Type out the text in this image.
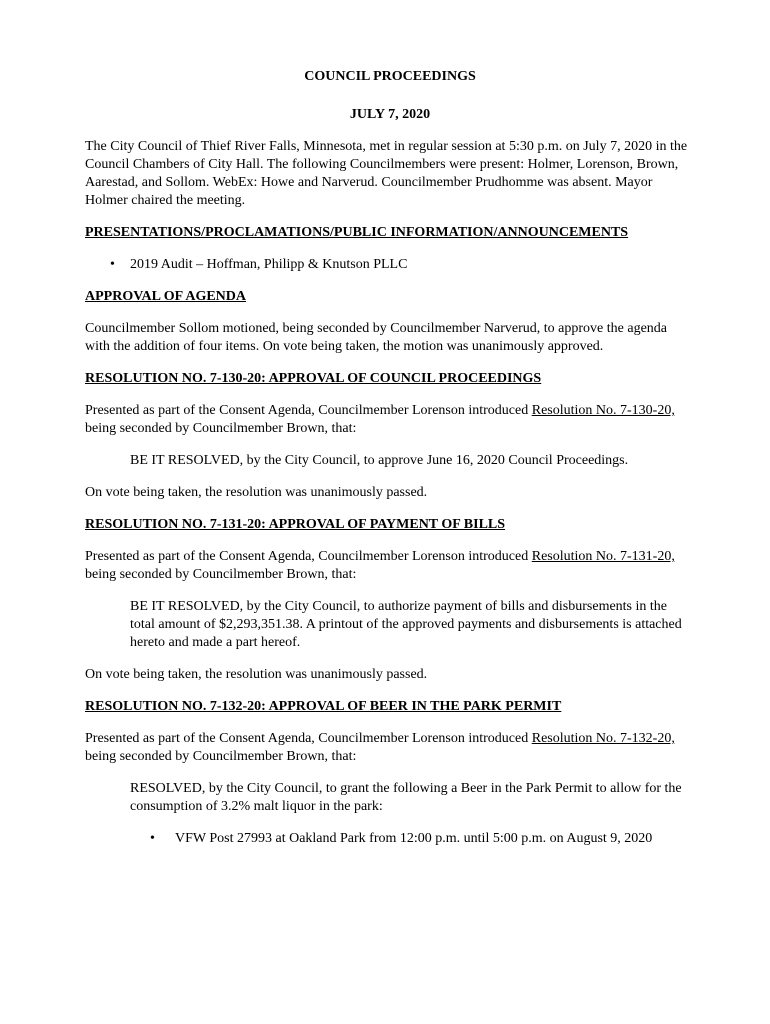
COUNCIL PROCEEDINGS

JULY 7, 2020

The City Council of Thief River Falls, Minnesota, met in regular session at 5:30 p.m. on July 7, 2020 in the Council Chambers of City Hall. The following Councilmembers were present: Holmer, Lorenson, Brown, Aarestad, and Sollom. WebEx: Howe and Narverud. Councilmember Prudhomme was absent. Mayor Holmer chaired the meeting.

PRESENTATIONS/PROCLAMATIONS/PUBLIC INFORMATION/ANNOUNCEMENTS

• 2019 Audit – Hoffman, Philipp & Knutson PLLC

APPROVAL OF AGENDA

Councilmember Sollom motioned, being seconded by Councilmember Narverud, to approve the agenda with the addition of four items. On vote being taken, the motion was unanimously approved.

RESOLUTION NO. 7-130-20: APPROVAL OF COUNCIL PROCEEDINGS

Presented as part of the Consent Agenda, Councilmember Lorenson introduced Resolution No. 7-130-20, being seconded by Councilmember Brown, that:

BE IT RESOLVED, by the City Council, to approve June 16, 2020 Council Proceedings.

On vote being taken, the resolution was unanimously passed.

RESOLUTION NO. 7-131-20: APPROVAL OF PAYMENT OF BILLS

Presented as part of the Consent Agenda, Councilmember Lorenson introduced Resolution No. 7-131-20, being seconded by Councilmember Brown, that:

BE IT RESOLVED, by the City Council, to authorize payment of bills and disbursements in the total amount of $2,293,351.38. A printout of the approved payments and disbursements is attached hereto and made a part hereof.

On vote being taken, the resolution was unanimously passed.

RESOLUTION NO. 7-132-20: APPROVAL OF BEER IN THE PARK PERMIT

Presented as part of the Consent Agenda, Councilmember Lorenson introduced Resolution No. 7-132-20, being seconded by Councilmember Brown, that:

RESOLVED, by the City Council, to grant the following a Beer in the Park Permit to allow for the consumption of 3.2% malt liquor in the park:

• VFW Post 27993 at Oakland Park from 12:00 p.m. until 5:00 p.m. on August 9, 2020
